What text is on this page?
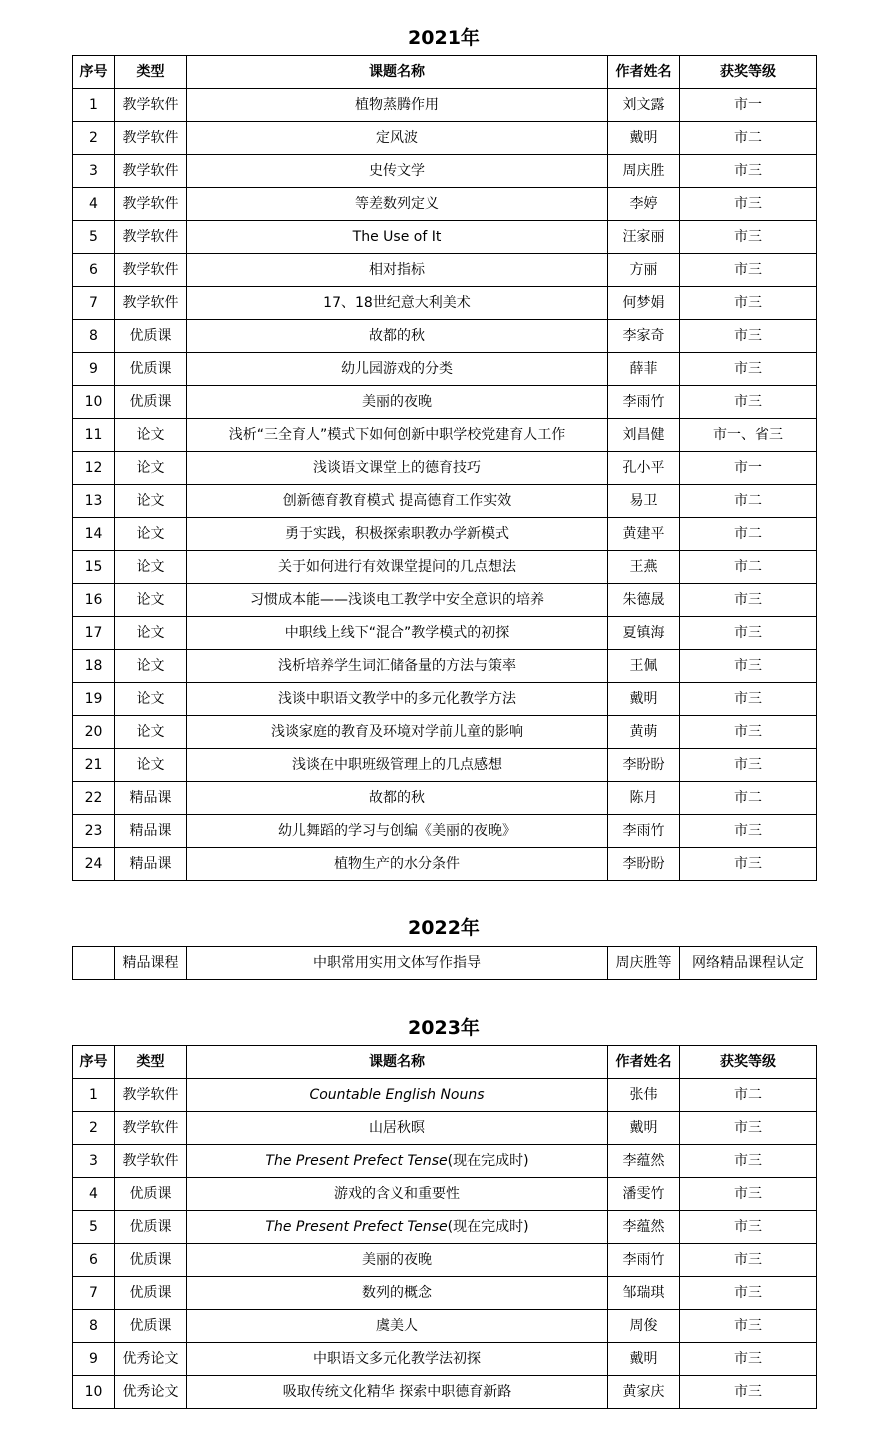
2021年
序号	类型	课题名称	作者姓名	获奖等级
1	教学软件	植物蒸腾作用	刘文露	市一
2	教学软件	定风波	戴明	市二
3	教学软件	史传文学	周庆胜	市三
4	教学软件	等差数列定义	李婷	市三
5	教学软件	The Use of It	汪家丽	市三
6	教学软件	相对指标	方丽	市三
7	教学软件	17、18世纪意大利美术	何梦娟	市三
8	优质课	故都的秋	李家奇	市三
9	优质课	幼儿园游戏的分类	薛菲	市三
10	优质课	美丽的夜晚	李雨竹	市三
11	论文	浅析“三全育人”模式下如何创新中职学校党建育人工作	刘昌健	市一、省三
12	论文	浅谈语文课堂上的德育技巧	孔小平	市一
13	论文	创新德育教育模式 提高德育工作实效	易卫	市二
14	论文	勇于实践，积极探索职教办学新模式	黄建平	市二
15	论文	关于如何进行有效课堂提问的几点想法	王燕	市二
16	论文	习惯成本能——浅谈电工教学中安全意识的培养	朱德晟	市三
17	论文	中职线上线下“混合”教学模式的初探	夏镇海	市三
18	论文	浅析培养学生词汇储备量的方法与策率	王佩	市三
19	论文	浅谈中职语文教学中的多元化教学方法	戴明	市三
20	论文	浅谈家庭的教育及环境对学前儿童的影响	黄萌	市三
21	论文	浅谈在中职班级管理上的几点感想	李盼盼	市三
22	精品课	故都的秋	陈月	市二
23	精品课	幼儿舞蹈的学习与创编《美丽的夜晚》	李雨竹	市三
24	精品课	植物生产的水分条件	李盼盼	市三
2022年
	精品课程	中职常用实用文体写作指导	周庆胜等	网络精品课程认定
2023年
序号	类型	课题名称	作者姓名	获奖等级
1	教学软件	Countable English Nouns	张伟	市二
2	教学软件	山居秋暝	戴明	市三
3	教学软件	The Present Prefect Tense(现在完成时)	李蕴然	市三
4	优质课	游戏的含义和重要性	潘雯竹	市三
5	优质课	The Present Prefect Tense(现在完成时)	李蕴然	市三
6	优质课	美丽的夜晚	李雨竹	市三
7	优质课	数列的概念	邹瑞琪	市三
8	优质课	虞美人	周俊	市三
9	优秀论文	中职语文多元化教学法初探	戴明	市三
10	优秀论文	吸取传统文化精华 探索中职德育新路	黄家庆	市三
